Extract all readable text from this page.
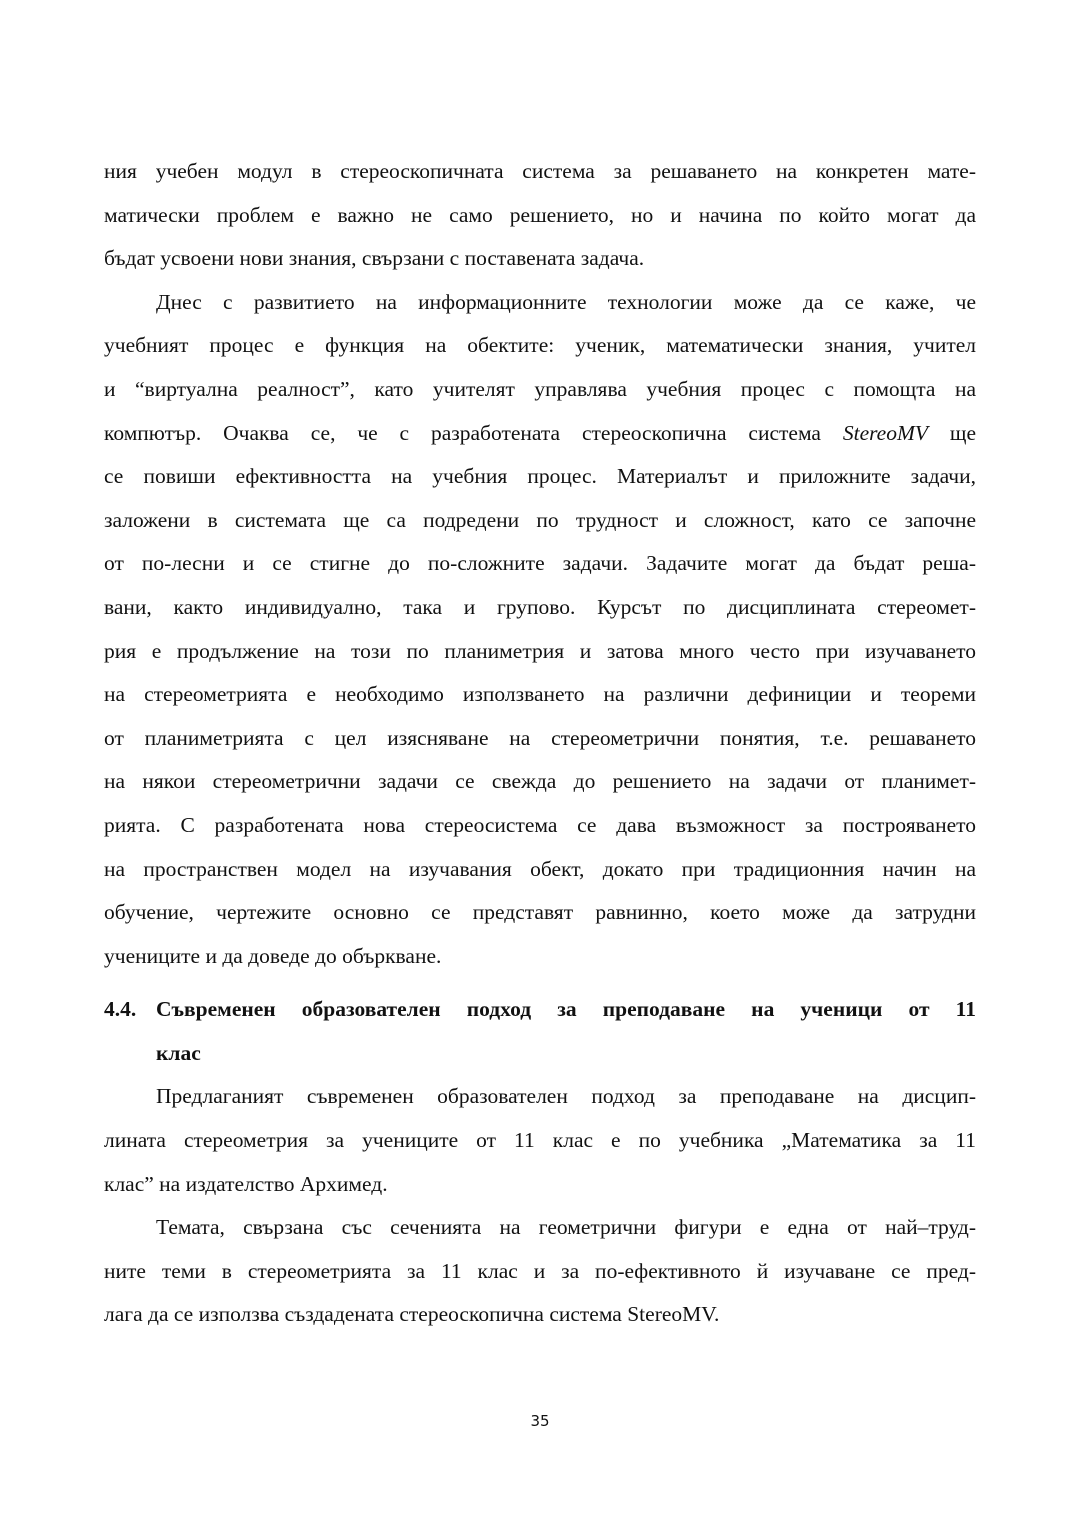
ния учебен модул в стереоскопичната система за решаването на конкретен мате-
матически проблем е важно не само решението, но и начина по който могат да
бъдат усвоени нови знания, свързани с поставената задача.
Днес с развитието на информационните технологии може да се каже, че
учебният процес е функция на обектите: ученик, математически знания, учител
и “виртуална реалност”, като учителят управлява учебния процес с помощта на
компютър. Очаква се, че с разработената стереоскопична система StereoMV ще
се повиши ефективността на учебния процес. Материалът и приложните задачи,
заложени в системата ще са подредени по трудност и сложност, като се започне
от по-лесни и се стигне до по-сложните задачи. Задачите могат да бъдат реша-
вани, както индивидуално, така и групово. Курсът по дисциплината стереомет-
рия е продължение на този по планиметрия и затова много често при изучаването
на стереометрията е необходимо използването на различни дефиниции и теореми
от планиметрията с цел изясняване на стереометрични понятия, т.е. решаването
на някои стереометрични задачи се свежда до решението на задачи от планимет-
рията. С разработената нова стереосистема се дава възможност за построяването
на пространствен модел на изучавания обект, докато при традиционния начин на
обучение, чертежите основно се представят равнинно, което може да затрудни
учениците и да доведе до объркване.
4.4. Съвременен образователен подход за преподаване на ученици от 11
клас
Предлаганият съвременен образователен подход за преподаване на дисцип-
лината стереометрия за учениците от 11 клас е по учебника „Математика за 11
клас” на издателство Архимед.
Темата, свързана със сеченията на геометрични фигури е една от най–труд-
ните теми в стереометрията за 11 клас и за по-ефективното й изучаване се пред-
лага да се използва създадената стереоскопична система StereoMV.
35
